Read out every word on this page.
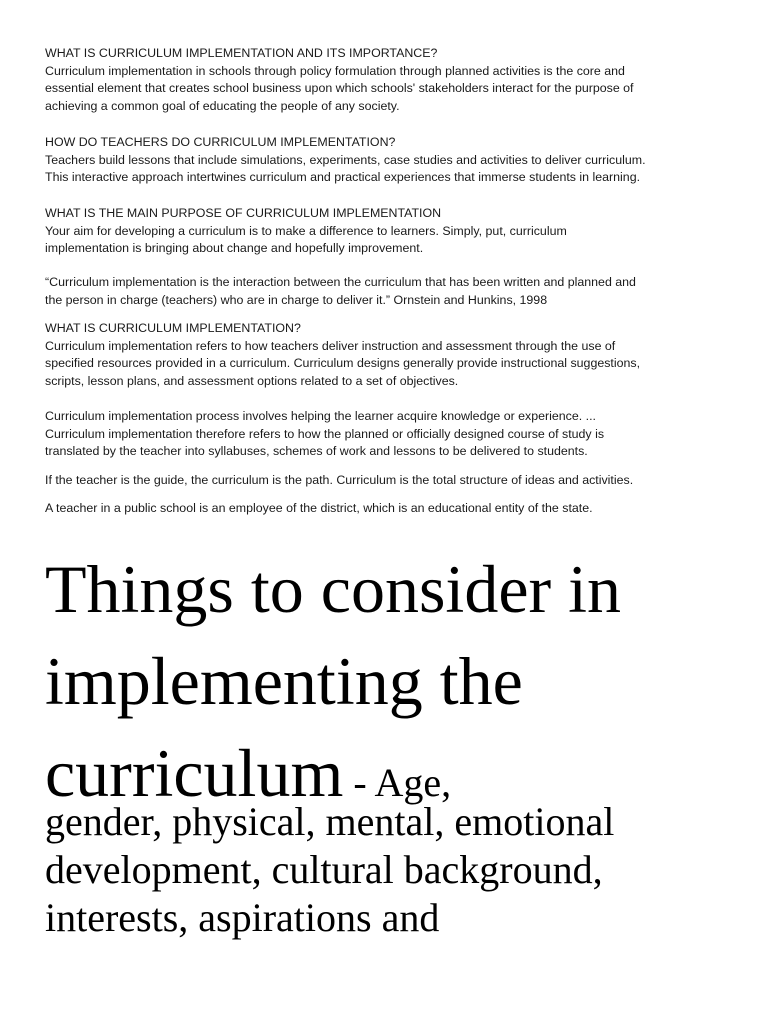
WHAT IS CURRICULUM IMPLEMENTATION AND ITS IMPORTANCE?

Curriculum implementation in schools through policy formulation through planned activities is the core and

essential element that creates school business upon which schools' stakeholders interact for the purpose of

achieving a common goal of educating the people of any society.

HOW DO TEACHERS DO CURRICULUM IMPLEMENTATION?

Teachers build lessons that include simulations, experiments, case studies and activities to deliver curriculum.

This interactive approach intertwines curriculum and practical experiences that immerse students in learning.

WHAT IS THE MAIN PURPOSE OF CURRICULUM IMPLEMENTATION

Your aim for developing a curriculum is to make a difference to learners. Simply, put, curriculum

implementation is bringing about change and hopefully improvement.

“Curriculum implementation is the interaction between the curriculum that has been written and planned and

the person in charge (teachers) who are in charge to deliver it.” Ornstein and Hunkins, 1998

WHAT IS CURRICULUM IMPLEMENTATION?

Curriculum implementation refers to how teachers deliver instruction and assessment through the use of

specified resources provided in a curriculum. Curriculum designs generally provide instructional suggestions,

scripts, lesson plans, and assessment options related to a set of objectives.

Curriculum implementation process involves helping the learner acquire knowledge or experience. ...

Curriculum implementation therefore refers to how the planned or officially designed course of study is

translated by the teacher into syllabuses, schemes of work and lessons to be delivered to students.

If the teacher is the guide, the curriculum is the path. Curriculum is the total structure of ideas and activities.

A teacher in a public school is an employee of the district, which is an educational entity of the state.

Things to consider in
implementing the
curriculum - Age,
gender, physical, mental, emotional
development, cultural background,
interests, aspirations and
